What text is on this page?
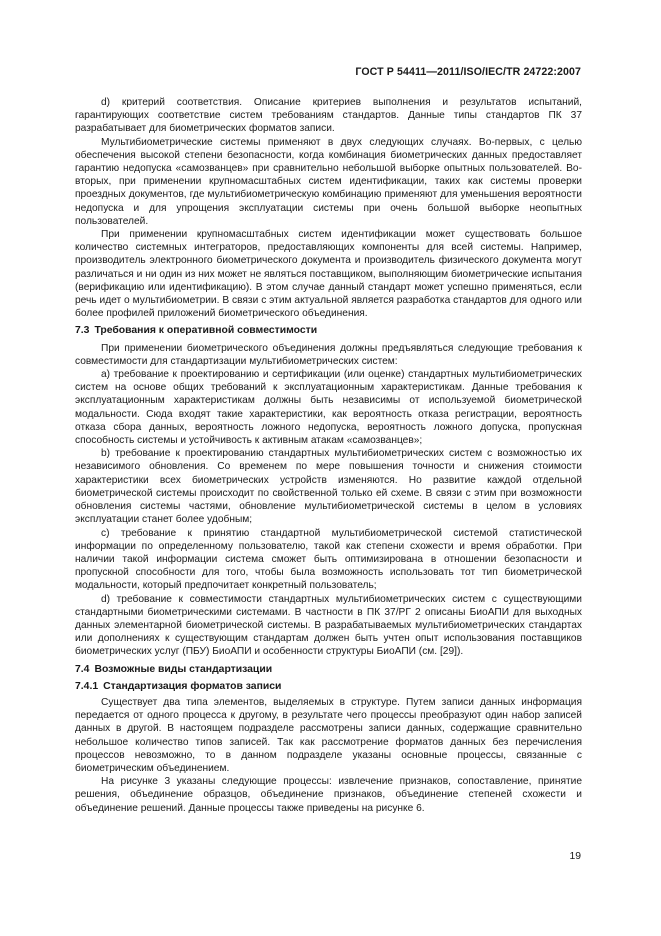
ГОСТ Р 54411—2011/ISO/IEC/TR 24722:2007

d) критерий соответствия. Описание критериев выполнения и результатов испытаний, гарантирующих соответствие систем требованиям стандартов. Данные типы стандартов ПК 37 разрабатывает для биометрических форматов записи.

Мультибиометрические системы применяют в двух следующих случаях. Во-первых, с целью обеспечения высокой степени безопасности, когда комбинация биометрических данных предоставляет гарантию недопуска «самозванцев» при сравнительно небольшой выборке опытных пользователей. Во-вторых, при применении крупномасштабных систем идентификации, таких как системы проверки проездных документов, где мультибиометрическую комбинацию применяют для уменьшения вероятности недопуска и для упрощения эксплуатации системы при очень большой выборке неопытных пользователей.

При применении крупномасштабных систем идентификации может существовать большое количество системных интеграторов, предоставляющих компоненты для всей системы. Например, производитель электронного биометрического документа и производитель физического документа могут различаться и ни один из них может не являться поставщиком, выполняющим биометрические испытания (верификацию или идентификацию). В этом случае данный стандарт может успешно применяться, если речь идет о мультибиометрии. В связи с этим актуальной является разработка стандартов для одного или более профилей приложений биометрического объединения.

7.3 Требования к оперативной совместимости

При применении биометрического объединения должны предъявляться следующие требования к совместимости для стандартизации мультибиометрических систем:

a) требование к проектированию и сертификации (или оценке) стандартных мультибиометрических систем на основе общих требований к эксплуатационным характеристикам. Данные требования к эксплуатационным характеристикам должны быть независимы от используемой биометрической модальности. Сюда входят такие характеристики, как вероятность отказа регистрации, вероятность отказа сбора данных, вероятность ложного недопуска, вероятность ложного допуска, пропускная способность системы и устойчивость к активным атакам «самозванцев»;

b) требование к проектированию стандартных мультибиометрических систем с возможностью их независимого обновления. Со временем по мере повышения точности и снижения стоимости характеристики всех биометрических устройств изменяются. Но развитие каждой отдельной биометрической системы происходит по свойственной только ей схеме. В связи с этим при возможности обновления системы частями, обновление мультибиометрической системы в целом в условиях эксплуатации станет более удобным;

c) требование к принятию стандартной мультибиометрической системой статистической информации по определенному пользователю, такой как степени схожести и время обработки. При наличии такой информации система сможет быть оптимизирована в отношении безопасности и пропускной способности для того, чтобы была возможность использовать тот тип биометрической модальности, который предпочитает конкретный пользователь;

d) требование к совместимости стандартных мультибиометрических систем с существующими стандартными биометрическими системами. В частности в ПК 37/РГ 2 описаны БиоАПИ для выходных данных элементарной биометрической системы. В разрабатываемых мультибиометрических стандартах или дополнениях к существующим стандартам должен быть учтен опыт использования поставщиков биометрических услуг (ПБУ) БиоАПИ и особенности структуры БиоАПИ (см. [29]).

7.4 Возможные виды стандартизации
7.4.1 Стандартизация форматов записи

Существует два типа элементов, выделяемых в структуре. Путем записи данных информация передается от одного процесса к другому, в результате чего процессы преобразуют один набор записей данных в другой. В настоящем подразделе рассмотрены записи данных, содержащие сравнительно небольшое количество типов записей. Так как рассмотрение форматов данных без перечисления процессов невозможно, то в данном подразделе указаны основные процессы, связанные с биометрическим объединением.

На рисунке 3 указаны следующие процессы: извлечение признаков, сопоставление, принятие решения, объединение образцов, объединение признаков, объединение степеней схожести и объединение решений. Данные процессы также приведены на рисунке 6.

19
